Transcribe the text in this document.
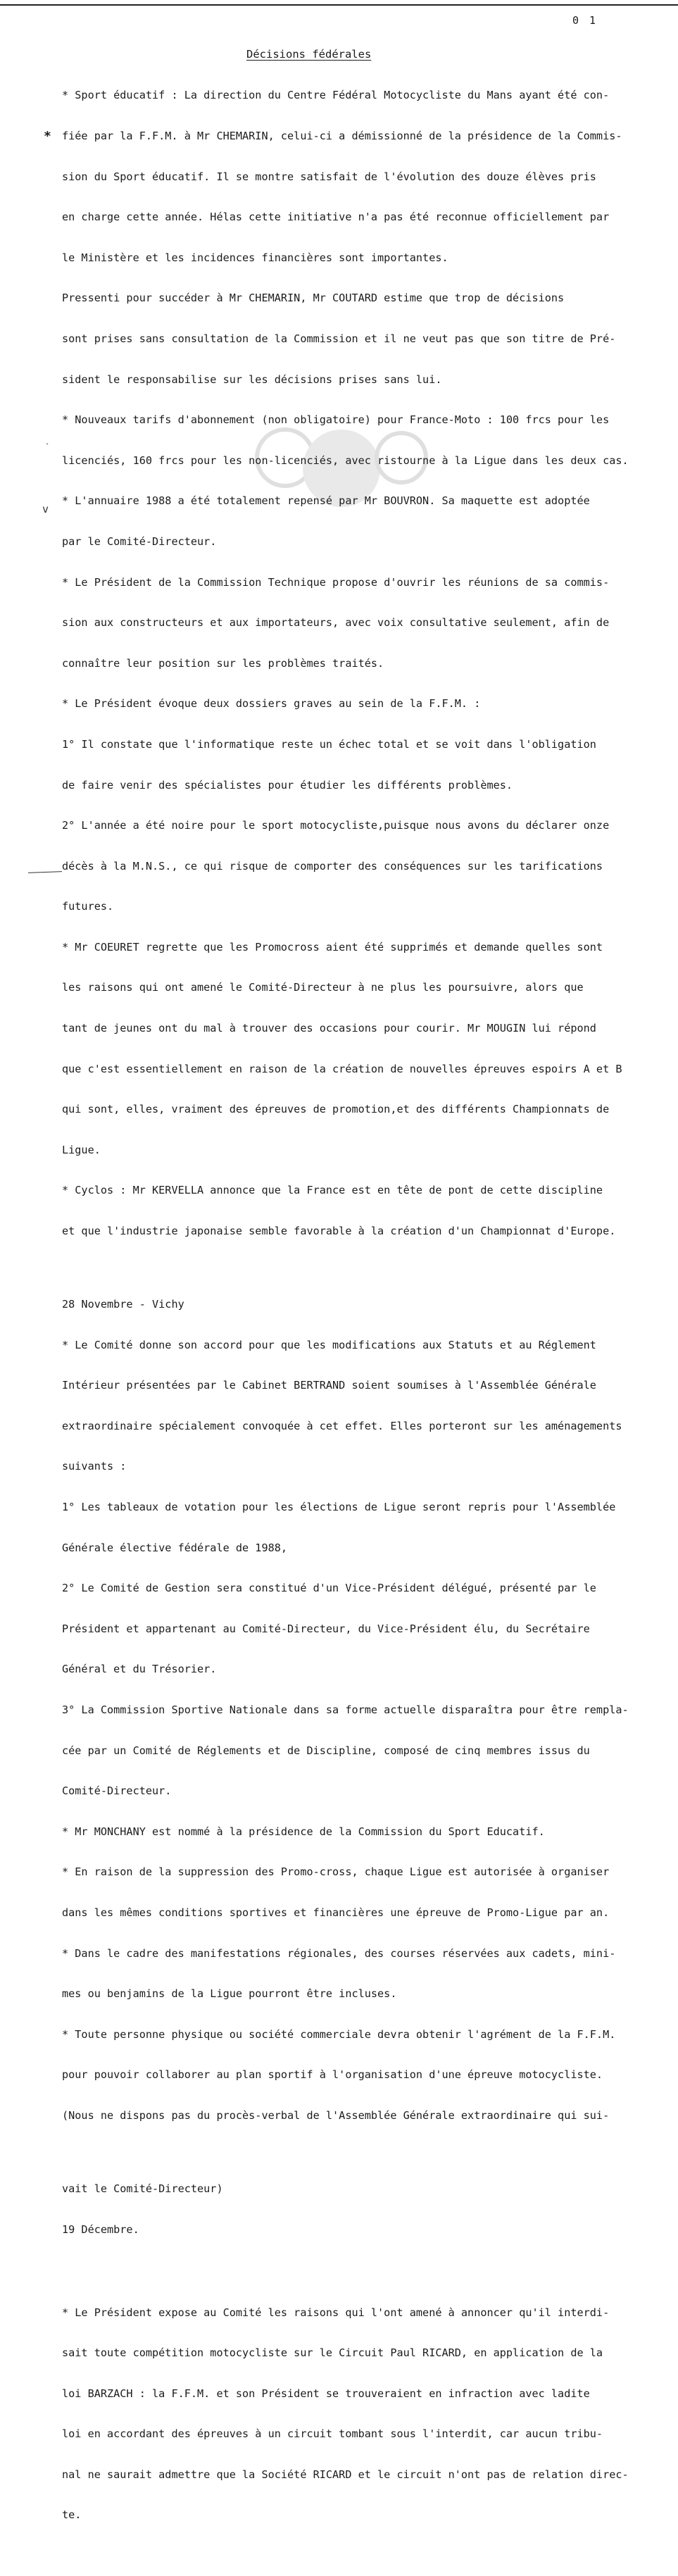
0 1
Décisions fédérales
*
`
v

* Sport éducatif : La direction du Centre Fédéral Motocycliste du Mans ayant été con-

fiée par la F.F.M. à Mr CHEMARIN, celui-ci a démissionné de la présidence de la Commis-

sion du Sport éducatif. Il se montre satisfait de l'évolution des douze élèves pris

en charge cette année. Hélas cette initiative n'a pas été reconnue officiellement par

le Ministère et les incidences financières sont importantes.

Pressenti pour succéder à Mr CHEMARIN, Mr COUTARD estime que trop de décisions

sont prises sans consultation de la Commission et il ne veut pas que son titre de Pré-

sident le responsabilise sur les décisions prises sans lui.

* Nouveaux tarifs d'abonnement (non obligatoire) pour France-Moto : 100 frcs pour les

licenciés, 160 frcs pour les non-licenciés, avec ristourne à la Ligue dans les deux cas.

* L'annuaire 1988 a été totalement repensé par Mr BOUVRON. Sa maquette est adoptée

par le Comité-Directeur.

* Le Président de la Commission Technique propose d'ouvrir les réunions de sa commis-

sion aux constructeurs et aux importateurs, avec voix consultative seulement, afin de

connaître leur position sur les problèmes traités.

* Le Président évoque deux dossiers graves au sein de la F.F.M. :

1° Il constate que l'informatique reste un échec total et se voit dans l'obligation

de faire venir des spécialistes pour étudier les différents problèmes.

2° L'année a été noire pour le sport motocycliste,puisque nous avons du déclarer onze

décès à la M.N.S., ce qui risque de comporter des conséquences sur les tarifications

futures.

* Mr COEURET regrette que les Promocross aient été supprimés et demande quelles sont

les raisons qui ont amené le Comité-Directeur à ne plus les poursuivre, alors que

tant de jeunes ont du mal à trouver des occasions pour courir. Mr MOUGIN lui répond

que c'est essentiellement en raison de la création de nouvelles épreuves espoirs A et B

qui sont, elles, vraiment des épreuves de promotion,et des différents Championnats de

Ligue.

* Cyclos : Mr KERVELLA annonce que la France est en tête de pont de cette discipline

et que l'industrie japonaise semble favorable à la création d'un Championnat d'Europe.

28 Novembre - Vichy

* Le Comité donne son accord pour que les modifications aux Statuts et au Réglement

Intérieur présentées par le Cabinet BERTRAND soient soumises à l'Assemblée Générale

extraordinaire spécialement convoquée à cet effet. Elles porteront sur les aménagements

suivants :

1° Les tableaux de votation pour les élections de Ligue seront repris pour l'Assemblée

Générale élective fédérale de 1988,

2° Le Comité de Gestion sera constitué d'un Vice-Président délégué, présenté par le

Président et appartenant au Comité-Directeur, du Vice-Président élu, du Secrétaire

Général et du Trésorier.

3° La Commission Sportive Nationale dans sa forme actuelle disparaîtra pour être rempla-

cée par un Comité de Réglements et de Discipline, composé de cinq membres issus du

Comité-Directeur.

* Mr MONCHANY est nommé à la présidence de la Commission du Sport Educatif.

* En raison de la suppression des Promo-cross, chaque Ligue est autorisée à organiser

dans les mêmes conditions sportives et financières une épreuve de Promo-Ligue par an.

* Dans le cadre des manifestations régionales, des courses réservées aux cadets, mini-

mes ou benjamins de la Ligue pourront être incluses.

* Toute personne physique ou société commerciale devra obtenir l'agrément de la F.F.M.

pour pouvoir collaborer au plan sportif à l'organisation d'une épreuve motocycliste.

(Nous ne dispons pas du procès-verbal de l'Assemblée Générale extraordinaire qui sui-

vait le Comité-Directeur)

19 Décembre.

* Le Président expose au Comité les raisons qui l'ont amené à annoncer qu'il interdi-

sait toute compétition motocycliste sur le Circuit Paul RICARD, en application de la

loi BARZACH : la F.F.M. et son Président se trouveraient en infraction avec ladite

loi en accordant des épreuves à un circuit tombant sous l'interdit, car aucun tribu-

nal ne saurait admettre que la Société RICARD et le circuit n'ont pas de relation direc-

te.
